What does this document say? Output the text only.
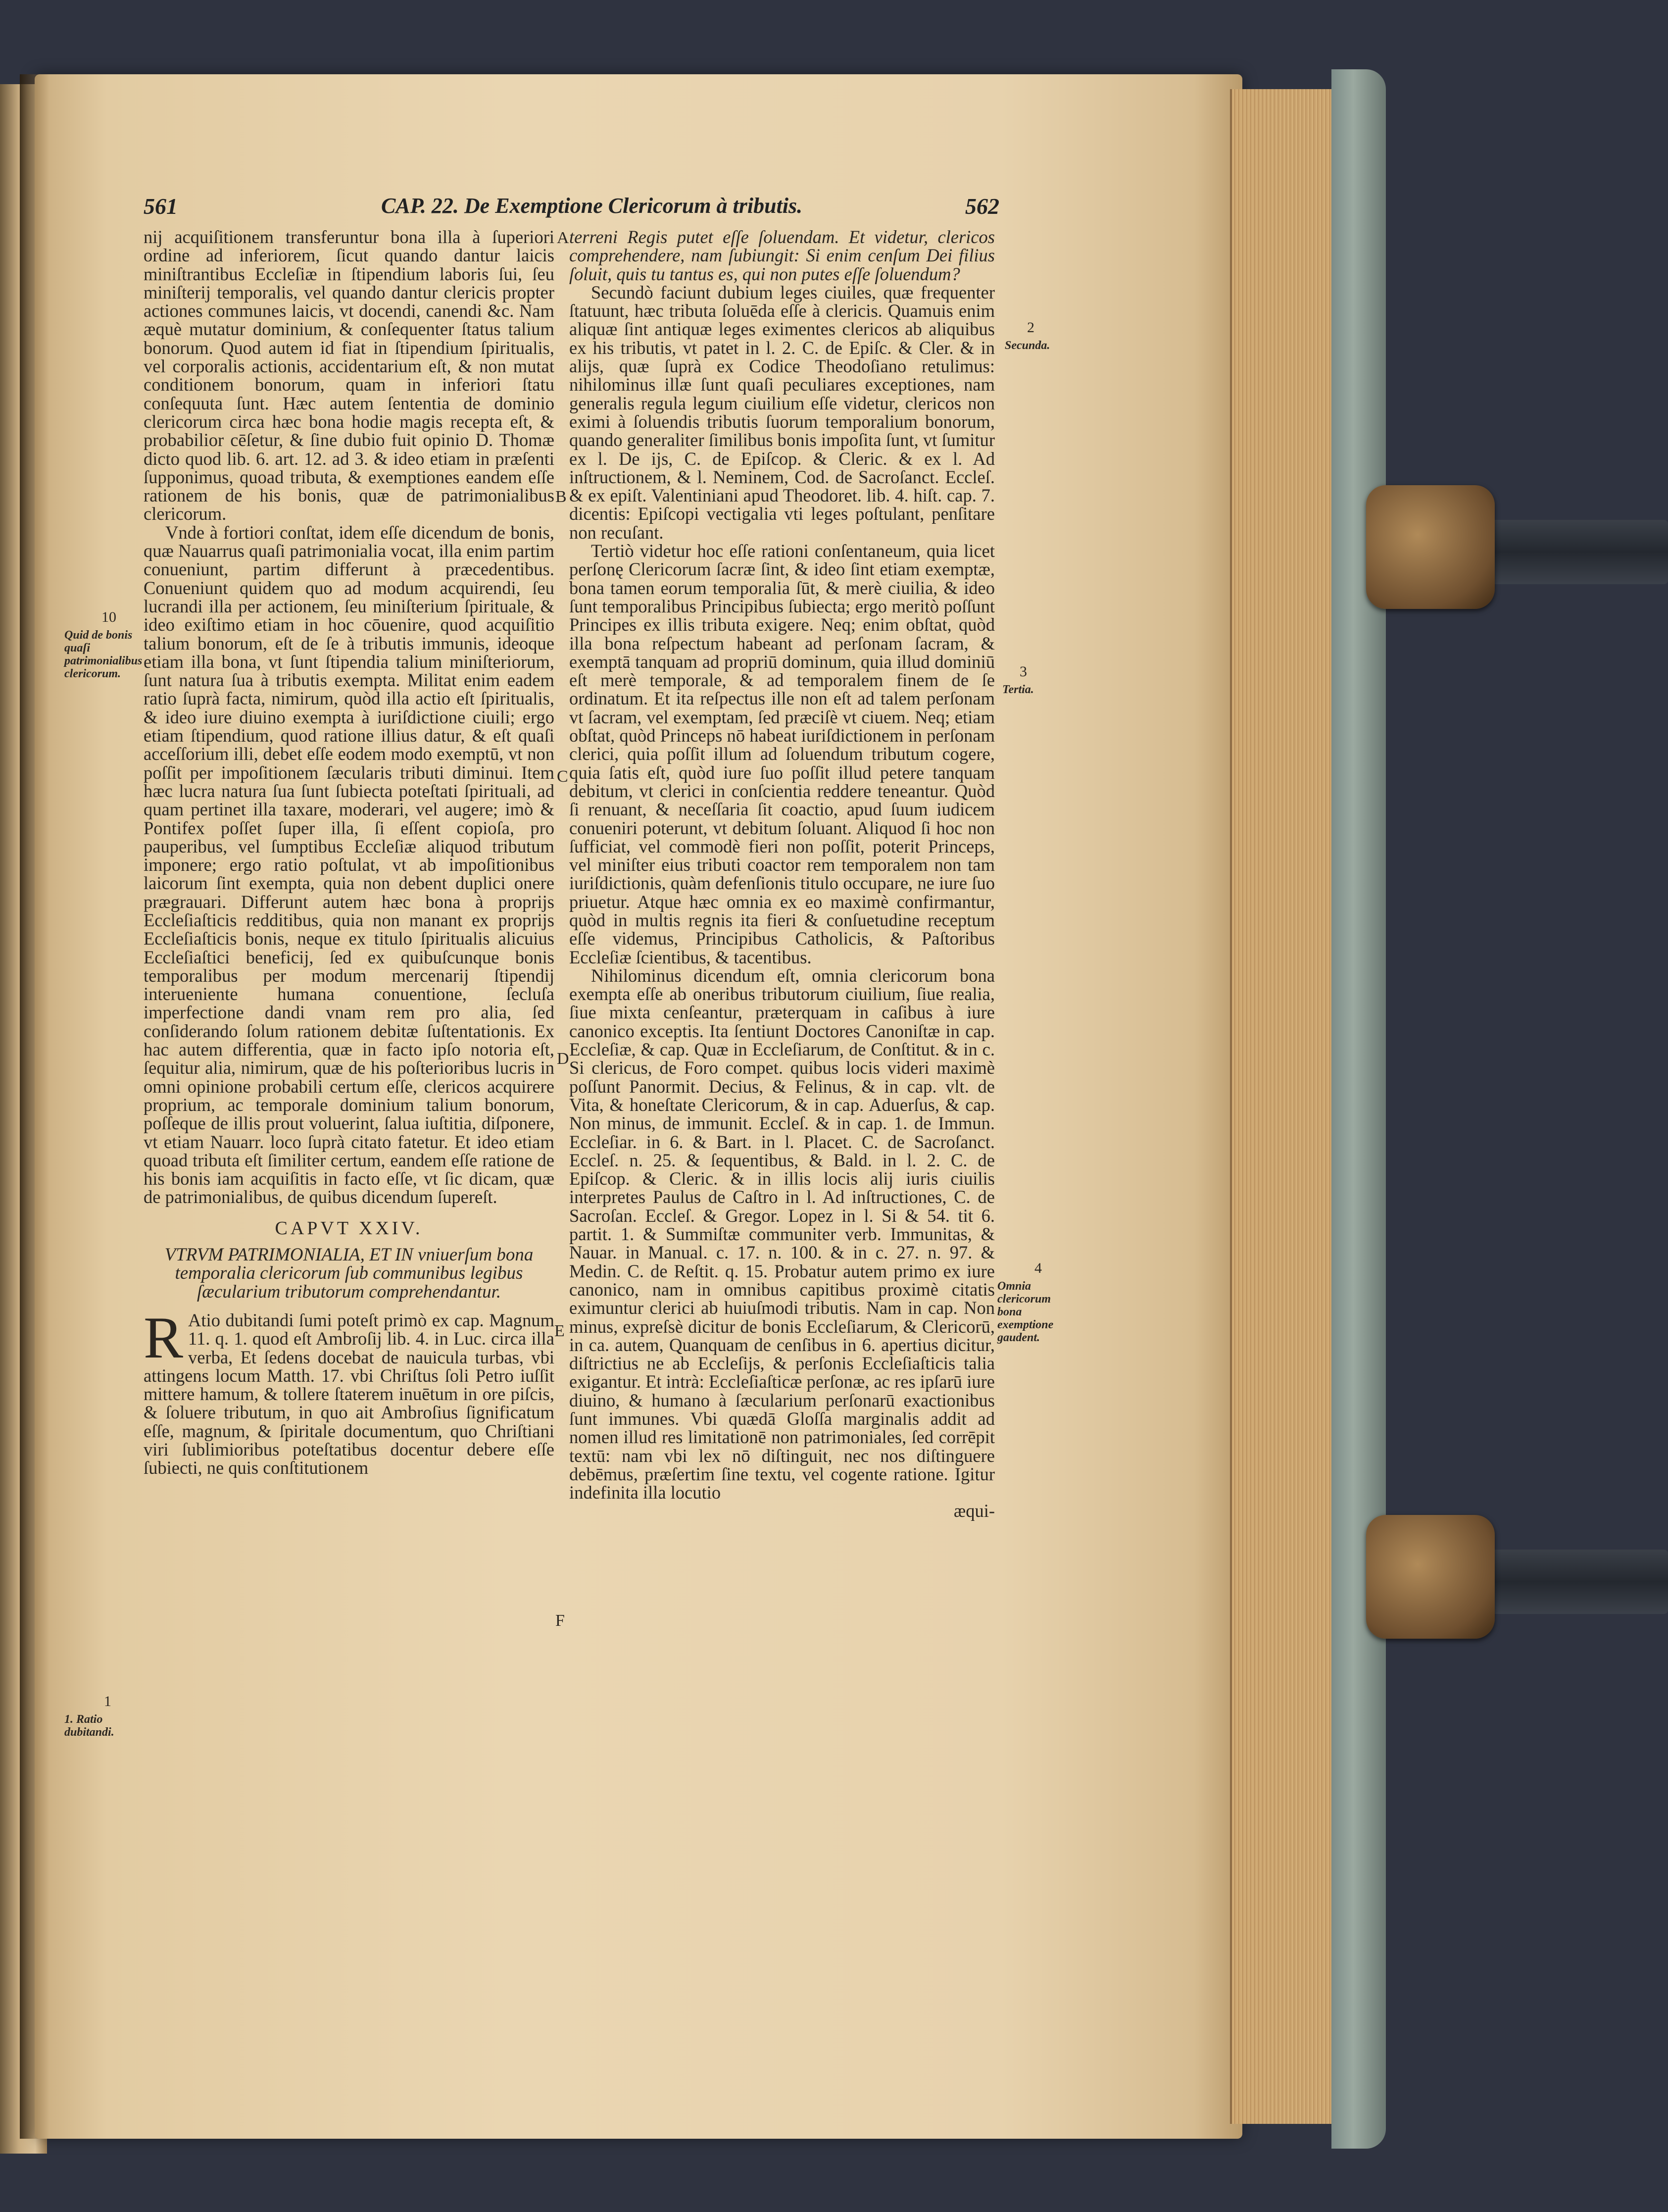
561	CAP. 22. De Exemptione Clericorum à tributis.	562

nij acquiſitionem transferuntur bona illa à ſuperiori ordine ad inferiorem, ſicut quando dantur laicis miniſtrantibus Eccleſiæ in ſtipendium laboris ſui, ſeu miniſterij temporalis, vel quando dantur clericis propter actiones communes laicis, vt docendi, canendi &c. Nam æquè mutatur dominium, & conſequenter ſtatus talium bonorum. Quod autem id fiat in ſtipendium ſpiritualis, vel corporalis actionis, accidentarium eſt, & non mutat conditionem bonorum, quam in inferiori ſtatu conſequuta ſunt. Hæc autem ſententia de dominio clericorum circa hæc bona hodie magis recepta eſt, & probabilior cēſetur, & ſine dubio fuit opinio D. Thomæ dicto quod lib. 6. art. 12. ad 3. & ideo etiam in præſenti ſupponimus, quoad tributa, & exemptiones eandem eſſe rationem de his bonis, quæ de patrimonialibus clericorum.

Vnde à fortiori conſtat, idem eſſe dicendum de bonis, quæ Nauarrus quaſi patrimonialia vocat, illa enim partim conueniunt, partim differunt à præcedentibus. Conueniunt quidem quo ad modum acquirendi, ſeu lucrandi illa per actionem, ſeu miniſterium ſpirituale, & ideo exiſtimo etiam in hoc cōuenire, quod acquiſitio talium bonorum, eſt de ſe à tributis immunis, ideoque etiam illa bona, vt ſunt ſtipendia talium miniſteriorum, ſunt natura ſua à tributis exempta. Militat enim eadem ratio ſuprà facta, nimirum, quòd illa actio eſt ſpiritualis, & ideo iure diuino exempta à iuriſdictione ciuili; ergo etiam ſtipendium, quod ratione illius datur, & eſt quaſi acceſſorium illi, debet eſſe eodem modo exemptū, vt non poſſit per impoſitionem ſæcularis tributi diminui. Item hæc lucra natura ſua ſunt ſubiecta poteſtati ſpirituali, ad quam pertinet illa taxare, moderari, vel augere; imò & Pontifex poſſet ſuper illa, ſi eſſent copioſa, pro pauperibus, vel ſumptibus Eccleſiæ aliquod tributum imponere; ergo ratio poſtulat, vt ab impoſitionibus laicorum ſint exempta, quia non debent duplici onere prægrauari. Differunt autem hæc bona à proprijs Eccleſiaſticis redditibus, quia non manant ex proprijs Eccleſiaſticis bonis, neque ex titulo ſpiritualis alicuius Eccleſiaſtici beneficij, ſed ex quibuſcunque bonis temporalibus per modum mercenarij ſtipendij interueniente humana conuentione, ſecluſa imperfectione dandi vnam rem pro alia, ſed conſiderando ſolum rationem debitæ ſuſtentationis. Ex hac autem differentia, quæ in facto ipſo notoria eſt, ſequitur alia, nimirum, quæ de his poſterioribus lucris in omni opinione probabili certum eſſe, clericos acquirere proprium, ac temporale dominium talium bonorum, poſſeque de illis prout voluerint, ſalua iuſtitia, diſponere, vt etiam Nauarr. loco ſuprà citato fatetur. Et ideo etiam quoad tributa eſt ſimiliter certum, eandem eſſe ratione de his bonis iam acquiſitis in facto eſſe, vt ſic dicam, quæ de patrimonialibus, de quibus dicendum ſupereſt.

CAPVT XXIV.

VTRVM PATRIMONIALIA, ET IN vniuerſum bona temporalia clericorum ſub communibus legibus ſæcularium tributorum comprehendantur.

R Atio dubitandi ſumi poteſt primò ex cap. Magnum 11. q. 1. quod eſt Ambroſij lib. 4. in Luc. circa illa verba, Et ſedens docebat de nauicula turbas, vbi attingens locum Matth. 17. vbi Chriſtus ſoli Petro iuſſit mittere hamum, & tollere ſtaterem inuētum in ore piſcis, & ſoluere tributum, in quo ait Ambroſius ſignificatum eſſe, magnum, & ſpiritale documentum, quo Chriſtiani viri ſublimioribus poteſtatibus docentur debere eſſe ſubiecti, ne quis conſtitutionem

terreni Regis putet eſſe ſoluendam. Et videtur, clericos comprehendere, nam ſubiungit: Si enim cenſum Dei filius ſoluit, quis tu tantus es, qui non putes eſſe ſoluendum?

Secundò faciunt dubium leges ciuiles, quæ frequenter ſtatuunt, hæc tributa ſoluēda eſſe à clericis. Quamuis enim aliquæ ſint antiquæ leges eximentes clericos ab aliquibus ex his tributis, vt patet in l. 2. C. de Epiſc. & Cler. & in alijs, quæ ſuprà ex Codice Theodoſiano retulimus: nihilominus illæ ſunt quaſi peculiares exceptiones, nam generalis regula legum ciuilium eſſe videtur, clericos non eximi à ſoluendis tributis ſuorum temporalium bonorum, quando generaliter ſimilibus bonis impoſita ſunt, vt ſumitur ex l. De ijs, C. de Epiſcop. & Cleric. & ex l. Ad inſtructionem, & l. Neminem, Cod. de Sacroſanct. Eccleſ. & ex epiſt. Valentiniani apud Theodoret. lib. 4. hiſt. cap. 7. dicentis: Epiſcopi vectigalia vti leges poſtulant, penſitare non recuſant.

Tertiò videtur hoc eſſe rationi conſentaneum, quia licet perſonę Clericorum ſacræ ſint, & ideo ſint etiam exemptæ, bona tamen eorum temporalia ſūt, & merè ciuilia, & ideo ſunt temporalibus Principibus ſubiecta; ergo meritò poſſunt Principes ex illis tributa exigere. Neq; enim obſtat, quòd illa bona reſpectum habeant ad perſonam ſacram, & exemptā tanquam ad propriū dominum, quia illud dominiū eſt merè temporale, & ad temporalem finem de ſe ordinatum. Et ita reſpectus ille non eſt ad talem perſonam vt ſacram, vel exemptam, ſed præciſè vt ciuem. Neq; etiam obſtat, quòd Princeps nō habeat iuriſdictionem in perſonam clerici, quia poſſit illum ad ſoluendum tributum cogere, quia ſatis eſt, quòd iure ſuo poſſit illud petere tanquam debitum, vt clerici in conſcientia reddere teneantur. Quòd ſi renuant, & neceſſaria ſit coactio, apud ſuum iudicem conueniri poterunt, vt debitum ſoluant. Aliquod ſi hoc non ſufficiat, vel commodè fieri non poſſit, poterit Princeps, vel miniſter eius tributi coactor rem temporalem non tam iuriſdictionis, quàm defenſionis titulo occupare, ne iure ſuo priuetur. Atque hæc omnia ex eo maximè confirmantur, quòd in multis regnis ita fieri & conſuetudine receptum eſſe videmus, Principibus Catholicis, & Paſtoribus Eccleſiæ ſcientibus, & tacentibus.

Nihilominus dicendum eſt, omnia clericorum bona exempta eſſe ab oneribus tributorum ciuilium, ſiue realia, ſiue mixta cenſeantur, præterquam in caſibus à iure canonico exceptis. Ita ſentiunt Doctores Canoniſtæ in cap. Eccleſiæ, & cap. Quæ in Eccleſiarum, de Conſtitut. & in c. Si clericus, de Foro compet. quibus locis videri maximè poſſunt Panormit. Decius, & Felinus, & in cap. vlt. de Vita, & honeſtate Clericorum, & in cap. Aduerſus, & cap. Non minus, de immunit. Eccleſ. & in cap. 1. de Immun. Eccleſiar. in 6. & Bart. in l. Placet. C. de Sacroſanct. Eccleſ. n. 25. & ſequentibus, & Bald. in l. 2. C. de Epiſcop. & Cleric. & in illis locis alij iuris ciuilis interpretes Paulus de Caſtro in l. Ad inſtructiones, C. de Sacroſan. Eccleſ. & Gregor. Lopez in l. Si & 54. tit 6. partit. 1. & Summiſtæ communiter verb. Immunitas, & Nauar. in Manual. c. 17. n. 100. & in c. 27. n. 97. & Medin. C. de Reſtit. q. 15. Probatur autem primo ex iure canonico, nam in omnibus capitibus proximè citatis eximuntur clerici ab huiuſmodi tributis. Nam in cap. Non minus, expreſsè dicitur de bonis Eccleſiarum, & Clericorū, in ca. autem, Quanquam de cenſibus in 6. apertius dicitur, diſtrictius ne ab Eccleſijs, & perſonis Eccleſiaſticis talia exigantur. Et intrà: Eccleſiaſticæ perſonæ, ac res ipſarū iure diuino, & humano à ſæcularium perſonarū exactionibus ſunt immunes. Vbi quædā Gloſſa marginalis addit ad nomen illud res limitationē non patrimoniales, ſed corrēpit textū: nam vbi lex nō diſtinguit, nec nos diſtinguere debēmus, præſertim ſine textu, vel cogente ratione. Igitur indefinita illa locutio

æqui-

10
Quid de bonis quaſi patrimonialibus clericorum.
1
1. Ratio dubitandi.
2
Secunda.
3
Tertia.
4
Omnia clericorum bona exemptione gaudent.
A
B
C
D
E
F
